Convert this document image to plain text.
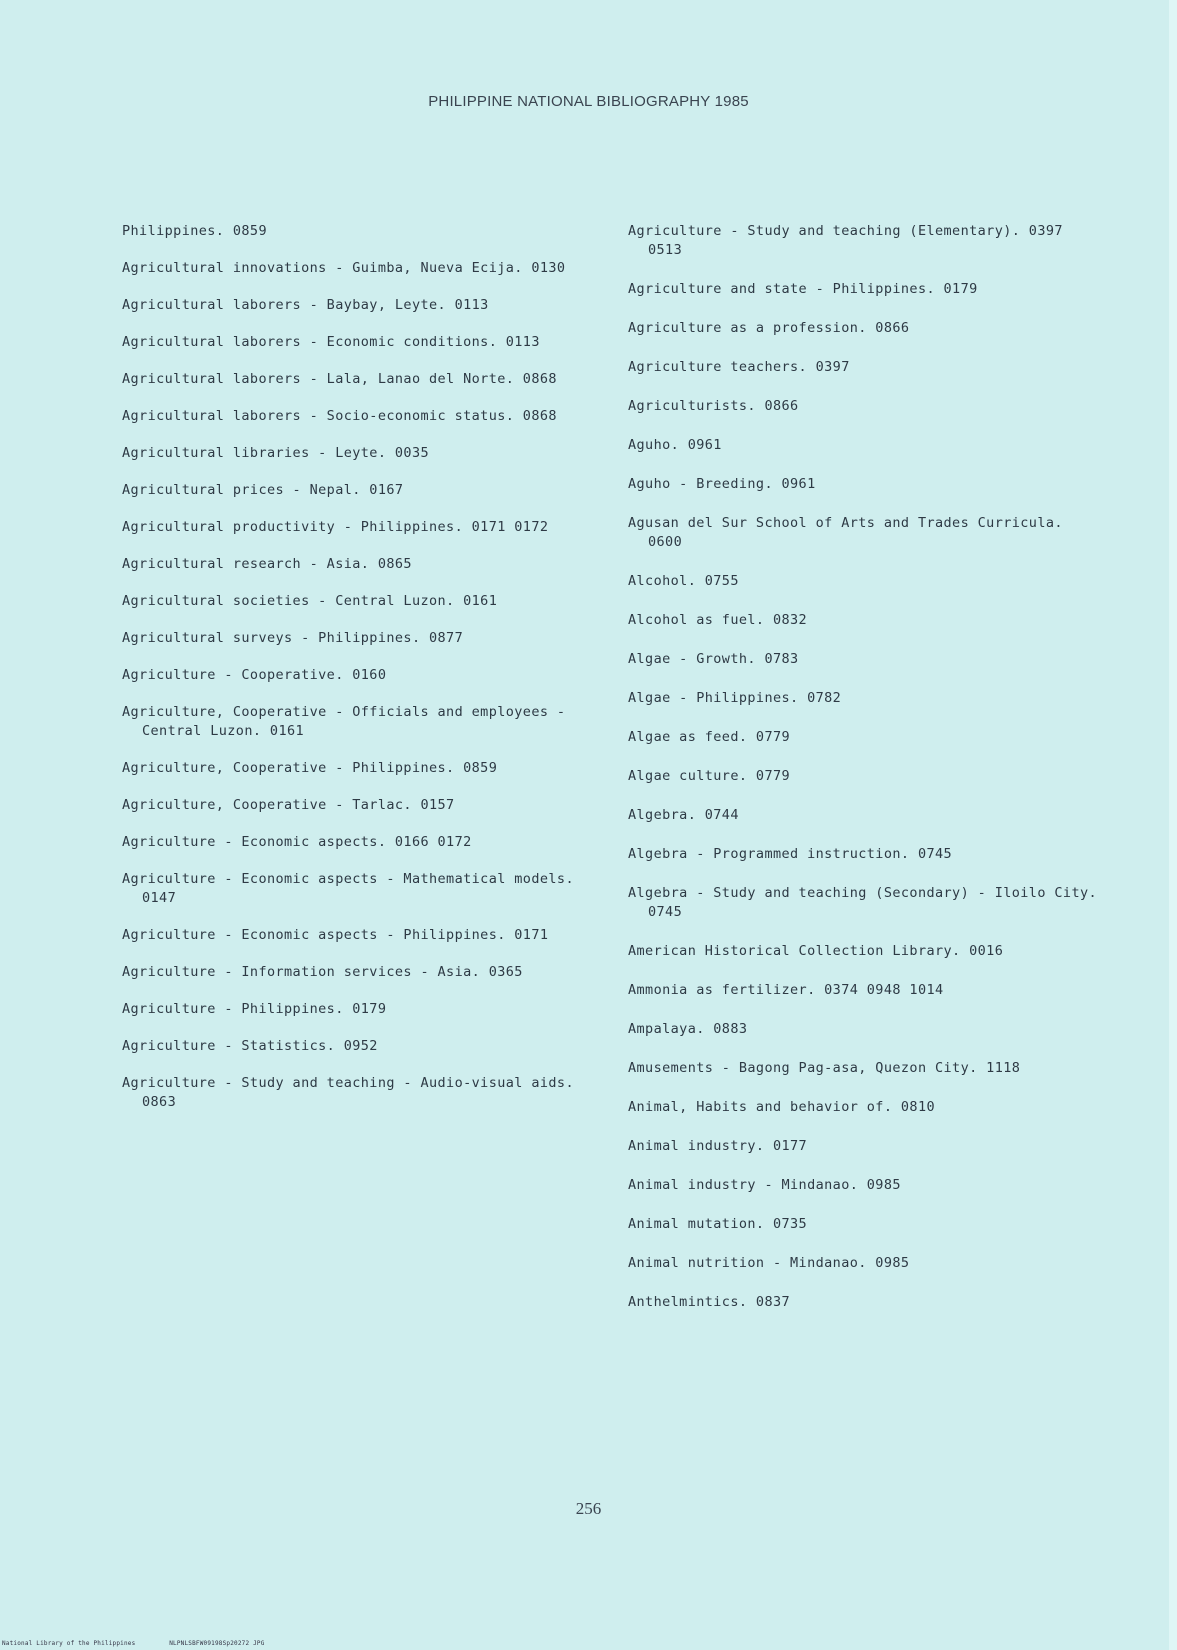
PHILIPPINE NATIONAL BIBLIOGRAPHY 1985
Philippines. 0859
Agricultural innovations - Guimba, Nueva Ecija. 0130
Agricultural laborers - Baybay, Leyte. 0113
Agricultural laborers - Economic conditions. 0113
Agricultural laborers - Lala, Lanao del Norte. 0868
Agricultural laborers - Socio-economic status. 0868
Agricultural libraries - Leyte. 0035
Agricultural prices - Nepal. 0167
Agricultural productivity - Philippines. 0171 0172
Agricultural research - Asia. 0865
Agricultural societies - Central Luzon. 0161
Agricultural surveys - Philippines. 0877
Agriculture - Cooperative. 0160
Agriculture, Cooperative - Officials and employees - Central Luzon. 0161
Agriculture, Cooperative - Philippines. 0859
Agriculture, Cooperative - Tarlac. 0157
Agriculture - Economic aspects. 0166 0172
Agriculture - Economic aspects - Mathematical models. 0147
Agriculture - Economic aspects - Philippines. 0171
Agriculture - Information services - Asia. 0365
Agriculture - Philippines. 0179
Agriculture - Statistics. 0952
Agriculture - Study and teaching - Audio-visual aids. 0863
Agriculture - Study and teaching (Elementary). 0397 0513
Agriculture and state - Philippines. 0179
Agriculture as a profession. 0866
Agriculture teachers. 0397
Agriculturists. 0866
Aguho. 0961
Aguho - Breeding. 0961
Agusan del Sur School of Arts and Trades Curricula. 0600
Alcohol. 0755
Alcohol as fuel. 0832
Algae - Growth. 0783
Algae - Philippines. 0782
Algae as feed. 0779
Algae culture. 0779
Algebra. 0744
Algebra - Programmed instruction. 0745
Algebra - Study and teaching (Secondary) - Iloilo City. 0745
American Historical Collection Library. 0016
Ammonia as fertilizer. 0374 0948 1014
Ampalaya. 0883
Amusements - Bagong Pag-asa, Quezon City. 1118
Animal, Habits and behavior of. 0810
Animal industry. 0177
Animal industry - Mindanao. 0985
Animal mutation. 0735
Animal nutrition - Mindanao. 0985
Anthelmintics. 0837
256
National Library of the Philippines	NLPNLSBFW09198Sp20272 JPG
